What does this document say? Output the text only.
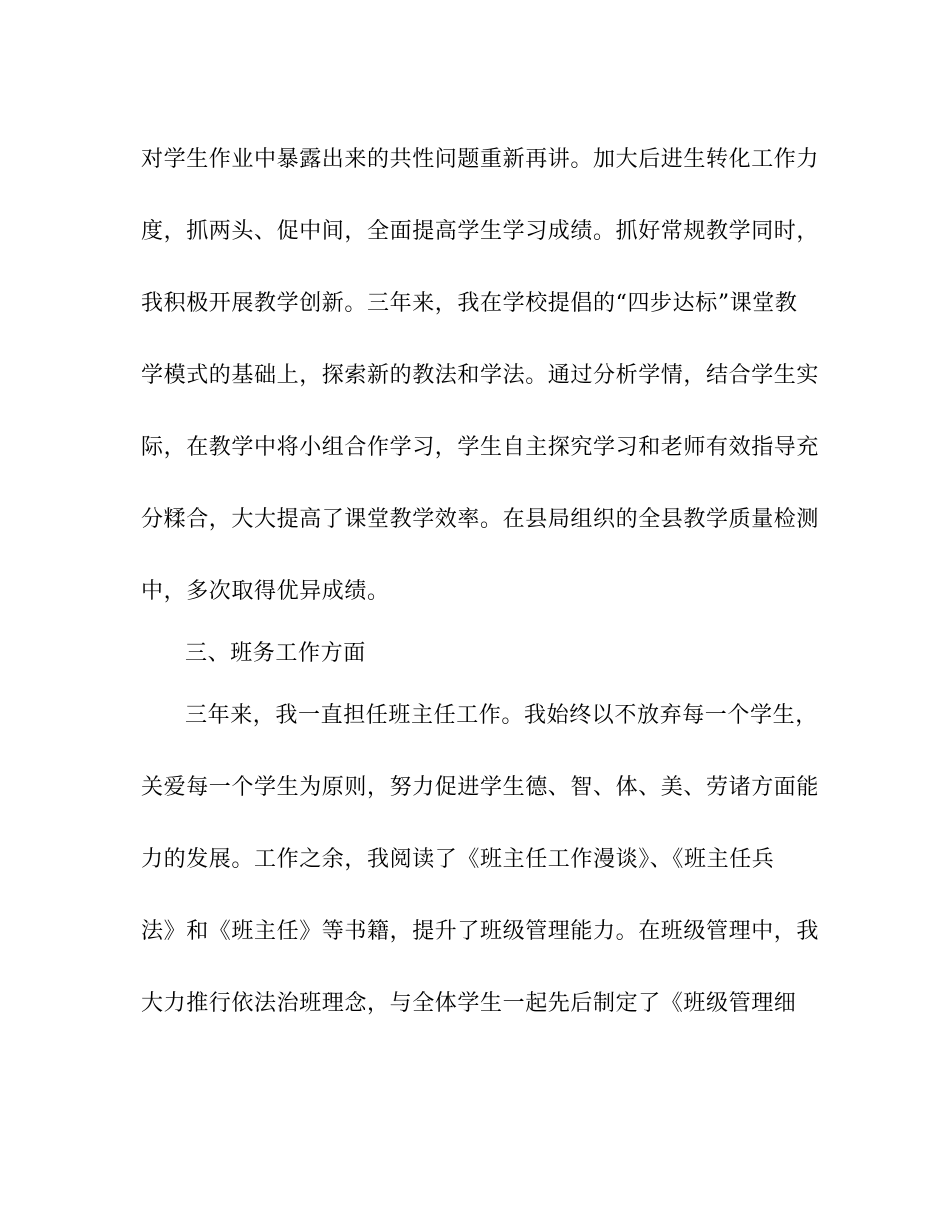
对学生作业中暴露出来的共性问题重新再讲。加大后进生转化工作力
度，抓两头、促中间，全面提高学生学习成绩。抓好常规教学同时，
我积极开展教学创新。三年来，我在学校提倡的“四步达标”课堂教
学模式的基础上，探索新的教法和学法。通过分析学情，结合学生实
际，在教学中将小组合作学习，学生自主探究学习和老师有效指导充
分糅合，大大提高了课堂教学效率。在县局组织的全县教学质量检测
中，多次取得优异成绩。
三、班务工作方面
三年来，我一直担任班主任工作。我始终以不放弃每一个学生，
关爱每一个学生为原则，努力促进学生德、智、体、美、劳诸方面能
力的发展。工作之余，我阅读了《班主任工作漫谈》、《班主任兵
法》和《班主任》等书籍，提升了班级管理能力。在班级管理中，我
大力推行依法治班理念，与全体学生一起先后制定了《班级管理细
